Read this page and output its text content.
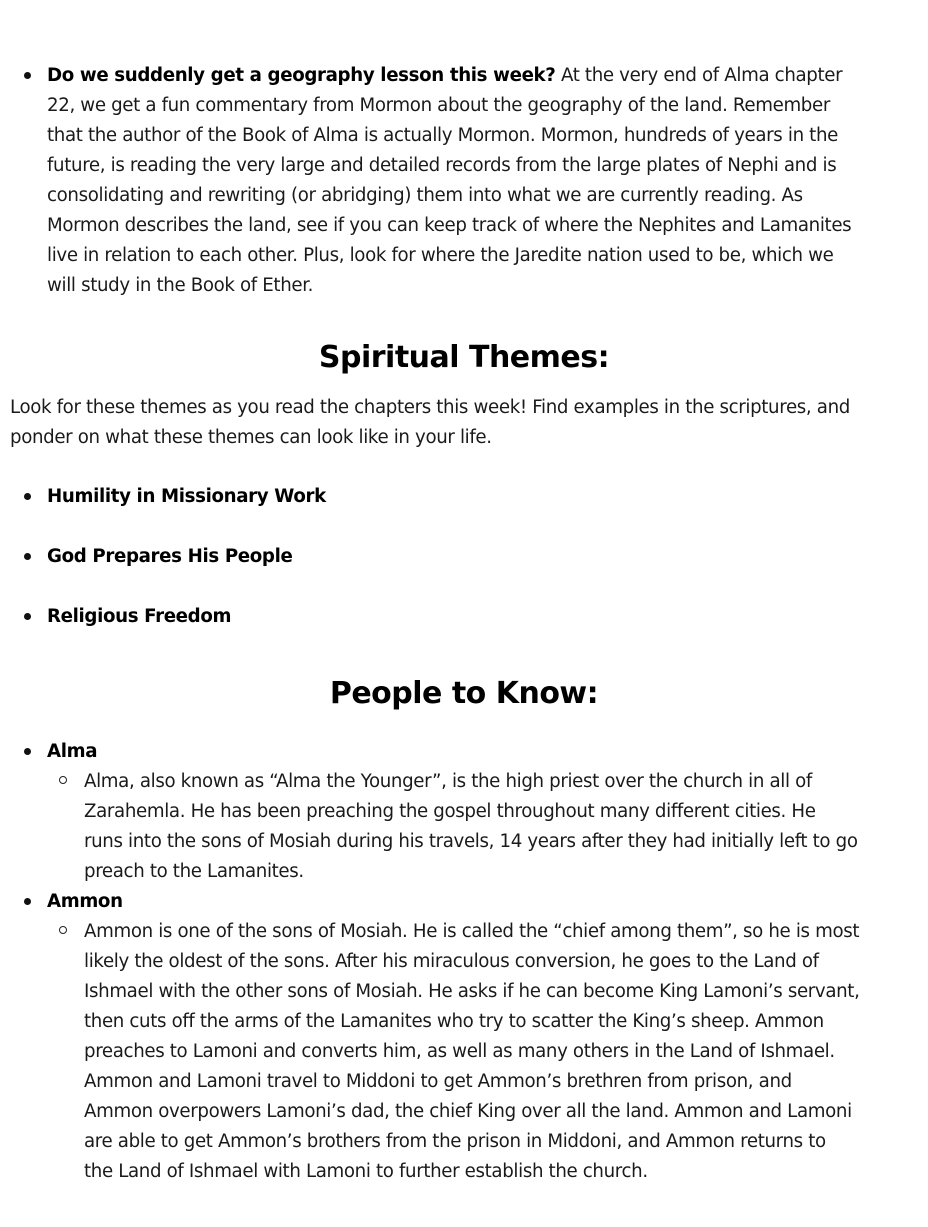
Do we suddenly get a geography lesson this week? At the very end of Alma chapter
22, we get a fun commentary from Mormon about the geography of the land. Remember
that the author of the Book of Alma is actually Mormon. Mormon, hundreds of years in the
future, is reading the very large and detailed records from the large plates of Nephi and is
consolidating and rewriting (or abridging) them into what we are currently reading. As
Mormon describes the land, see if you can keep track of where the Nephites and Lamanites
live in relation to each other. Plus, look for where the Jaredite nation used to be, which we
will study in the Book of Ether.
Spiritual Themes:
Look for these themes as you read the chapters this week! Find examples in the scriptures, and
ponder on what these themes can look like in your life.
Humility in Missionary Work
God Prepares His People
Religious Freedom
People to Know:
Alma
Alma, also known as “Alma the Younger”, is the high priest over the church in all of
Zarahemla. He has been preaching the gospel throughout many different cities. He
runs into the sons of Mosiah during his travels, 14 years after they had initially left to go
preach to the Lamanites.
Ammon
Ammon is one of the sons of Mosiah. He is called the “chief among them”, so he is most
likely the oldest of the sons. After his miraculous conversion, he goes to the Land of
Ishmael with the other sons of Mosiah. He asks if he can become King Lamoni’s servant,
then cuts off the arms of the Lamanites who try to scatter the King’s sheep. Ammon
preaches to Lamoni and converts him, as well as many others in the Land of Ishmael.
Ammon and Lamoni travel to Middoni to get Ammon’s brethren from prison, and
Ammon overpowers Lamoni’s dad, the chief King over all the land. Ammon and Lamoni
are able to get Ammon’s brothers from the prison in Middoni, and Ammon returns to
the Land of Ishmael with Lamoni to further establish the church.
